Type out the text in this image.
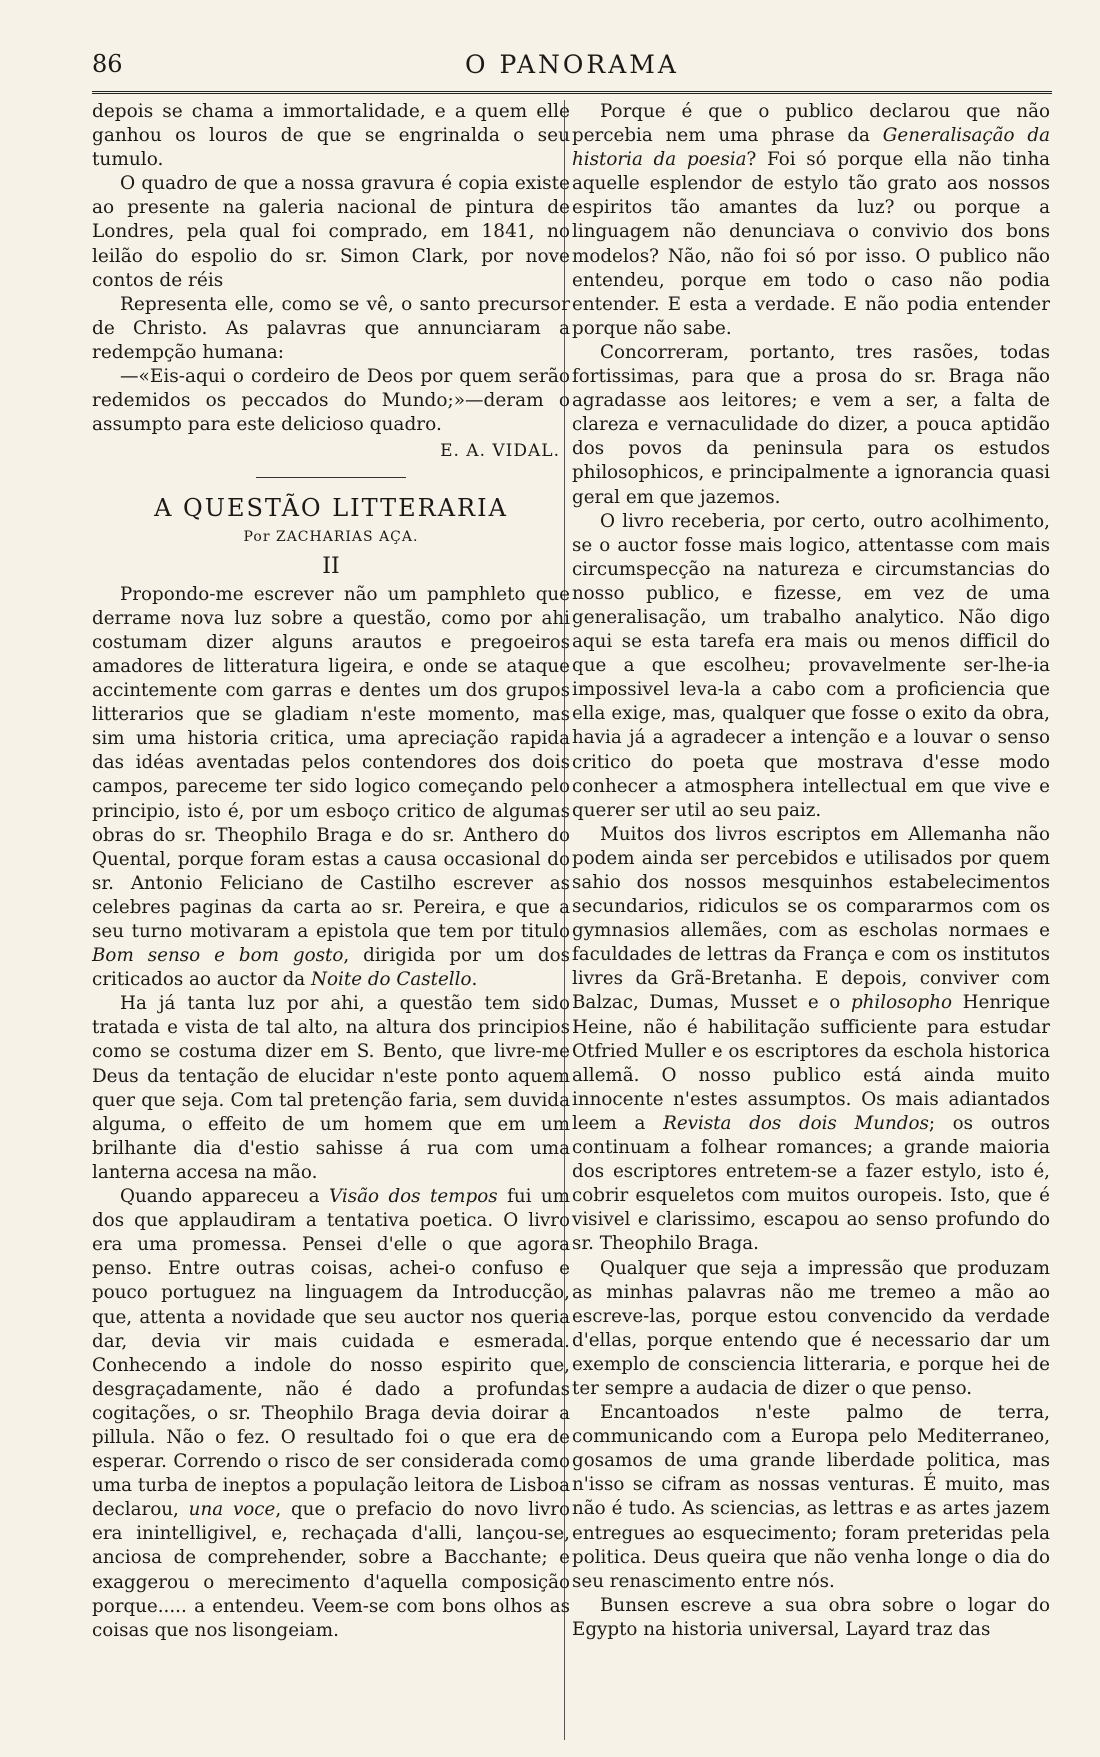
86	O PANORAMA

depois se chama a immortalidade, e a quem elle ganhou os louros de que se engrinalda o seu tumulo.

O quadro de que a nossa gravura é copia existe ao presente na galeria nacional de pintura de Londres, pela qual foi comprado, em 1841, no leilão do espolio do sr. Simon Clark, por nove contos de réis

Representa elle, como se vê, o santo precursor de Christo. As palavras que annunciaram a redempção humana:

—«Eis-aqui o cordeiro de Deos por quem serão redemidos os peccados do Mundo;»—deram o assumpto para este delicioso quadro.

E. A. VIDAL.
A QUESTÃO LITTERARIA
Por ZACHARIAS AÇA.
II

Propondo-me escrever não um pamphleto que derrame nova luz sobre a questão, como por ahi costumam dizer alguns arautos e pregoeiros amadores de litteratura ligeira, e onde se ataque accintemente com garras e dentes um dos grupos litterarios que se gladiam n'este momento, mas sim uma historia critica, uma apreciação rapida das idéas aventadas pelos contendores dos dois campos, pareceme ter sido logico começando pelo principio, isto é, por um esboço critico de algumas obras do sr. Theophilo Braga e do sr. Anthero do Quental, porque foram estas a causa occasional do sr. Antonio Feliciano de Castilho escrever as celebres paginas da carta ao sr. Pereira, e que a seu turno motivaram a epistola que tem por titulo Bom senso e bom gosto, dirigida por um dos criticados ao auctor da Noite do Castello.

Ha já tanta luz por ahi, a questão tem sido tratada e vista de tal alto, na altura dos principios como se costuma dizer em S. Bento, que livre-me Deus da tentação de elucidar n'este ponto aquem quer que seja. Com tal pretenção faria, sem duvida alguma, o effeito de um homem que em um brilhante dia d'estio sahisse á rua com uma lanterna accesa na mão.

Quando appareceu a Visão dos tempos fui um dos que applaudiram a tentativa poetica. O livro era uma promessa. Pensei d'elle o que agora penso. Entre outras coisas, achei-o confuso e pouco portuguez na linguagem da Introducção, que, attenta a novidade que seu auctor nos queria dar, devia vir mais cuidada e esmerada. Conhecendo a indole do nosso espirito que, desgraçadamente, não é dado a profundas cogitações, o sr. Theophilo Braga devia doirar a pillula. Não o fez. O resultado foi o que era de esperar. Correndo o risco de ser considerada como uma turba de ineptos a população leitora de Lisboa declarou, una voce, que o prefacio do novo livro era inintelligivel, e, rechaçada d'alli, lançou-se, anciosa de comprehender, sobre a Bacchante; e exaggerou o merecimento d'aquella composição porque..... a entendeu. Veem-se com bons olhos as coisas que nos lisongeiam.

Porque é que o publico declarou que não percebia nem uma phrase da Generalisação da historia da poesia? Foi só porque ella não tinha aquelle esplendor de estylo tão grato aos nossos espiritos tão amantes da luz? ou porque a linguagem não denunciava o convivio dos bons modelos? Não, não foi só por isso. O publico não entendeu, porque em todo o caso não podia entender. E esta a verdade. E não podia entender porque não sabe.

Concorreram, portanto, tres rasões, todas fortissimas, para que a prosa do sr. Braga não agradasse aos leitores; e vem a ser, a falta de clareza e vernaculidade do dizer, a pouca aptidão dos povos da peninsula para os estudos philosophicos, e principalmente a ignorancia quasi geral em que jazemos.

O livro receberia, por certo, outro acolhimento, se o auctor fosse mais logico, attentasse com mais circumspecção na natureza e circumstancias do nosso publico, e fizesse, em vez de uma generalisação, um trabalho analytico. Não digo aqui se esta tarefa era mais ou menos difficil do que a que escolheu; provavelmente ser-lhe-ia impossivel leva-la a cabo com a proficiencia que ella exige, mas, qualquer que fosse o exito da obra, havia já a agradecer a intenção e a louvar o senso critico do poeta que mostrava d'esse modo conhecer a atmosphera intellectual em que vive e querer ser util ao seu paiz.

Muitos dos livros escriptos em Allemanha não podem ainda ser percebidos e utilisados por quem sahio dos nossos mesquinhos estabelecimentos secundarios, ridiculos se os compararmos com os gymnasios allemães, com as escholas normaes e faculdades de lettras da França e com os institutos livres da Grã-Bretanha. E depois, conviver com Balzac, Dumas, Musset e o philosopho Henrique Heine, não é habilitação sufficiente para estudar Otfried Muller e os escriptores da eschola historica allemã. O nosso publico está ainda muito innocente n'estes assumptos. Os mais adiantados leem a Revista dos dois Mundos; os outros continuam a folhear romances; a grande maioria dos escriptores entretem-se a fazer estylo, isto é, cobrir esqueletos com muitos ouropeis. Isto, que é visivel e clarissimo, escapou ao senso profundo do sr. Theophilo Braga.

Qualquer que seja a impressão que produzam as minhas palavras não me tremeo a mão ao escreve-las, porque estou convencido da verdade d'ellas, porque entendo que é necessario dar um exemplo de consciencia litteraria, e porque hei de ter sempre a audacia de dizer o que penso.

Encantoados n'este palmo de terra, communicando com a Europa pelo Mediterraneo, gosamos de uma grande liberdade politica, mas n'isso se cifram as nossas venturas. É muito, mas não é tudo. As sciencias, as lettras e as artes jazem entregues ao esquecimento; foram preteridas pela politica. Deus queira que não venha longe o dia do seu renascimento entre nós.

Bunsen escreve a sua obra sobre o logar do Egypto na historia universal, Layard traz das
